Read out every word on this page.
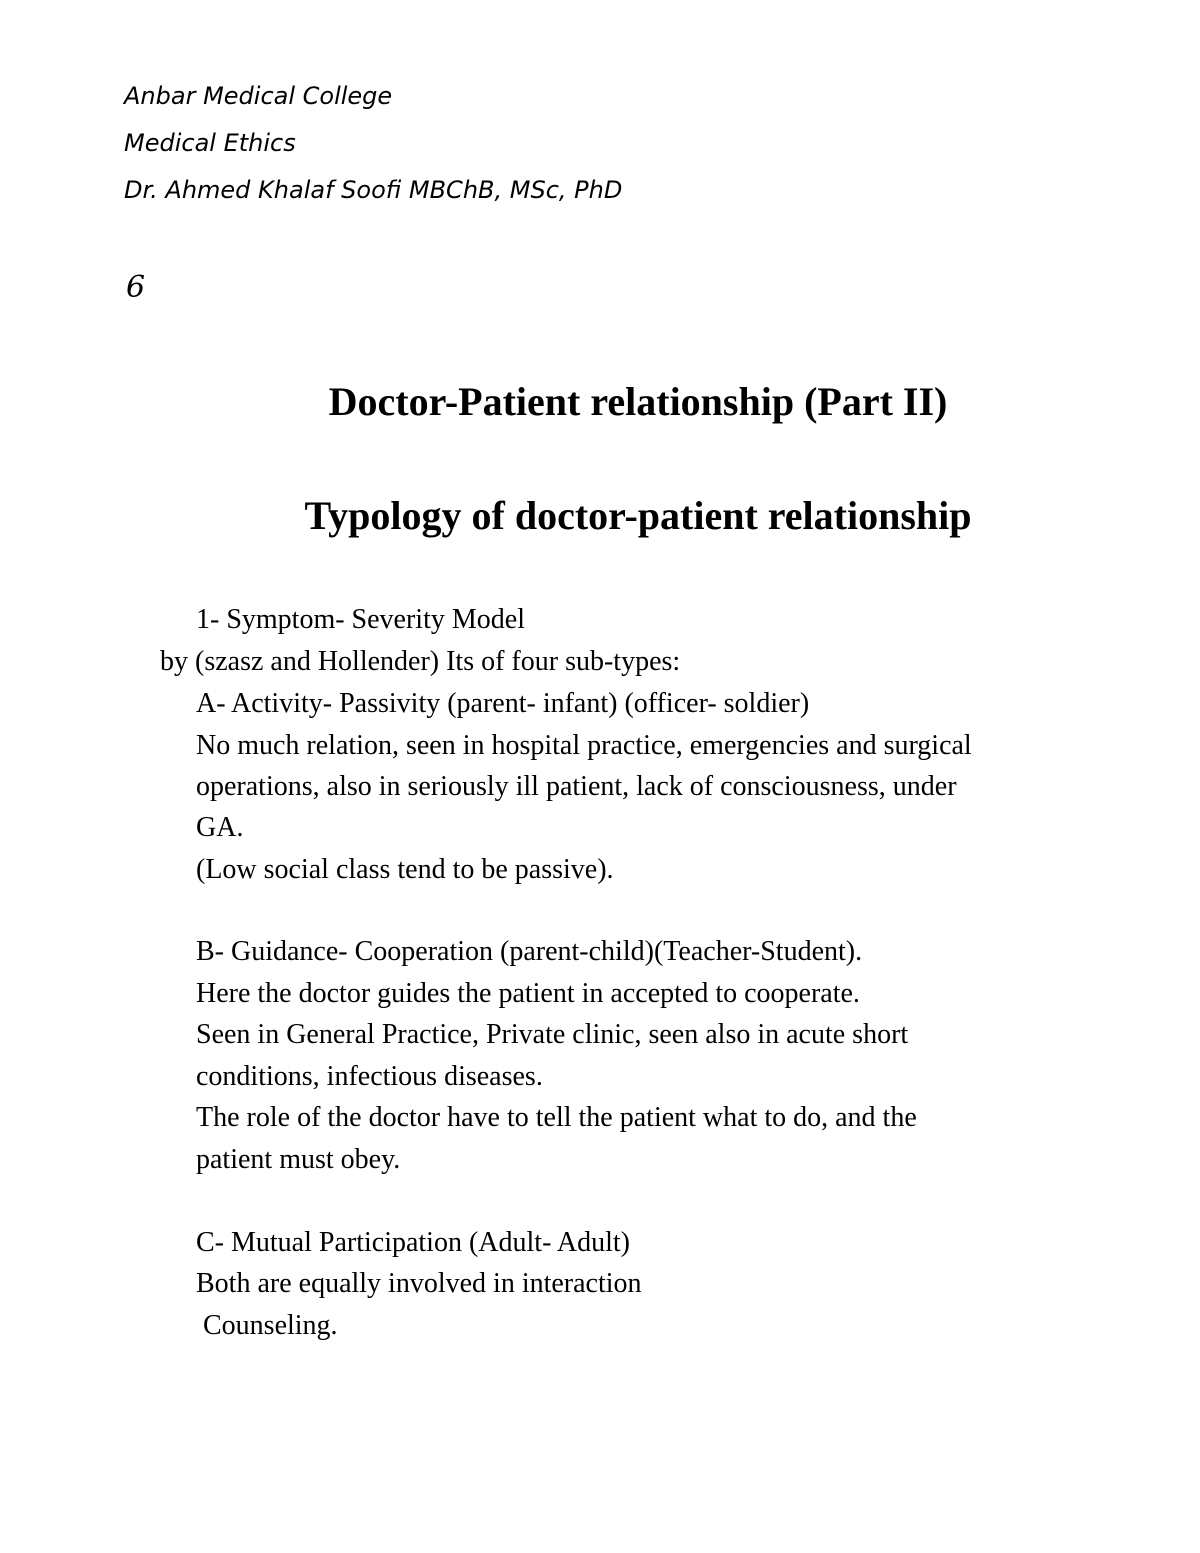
Anbar Medical College
Medical Ethics
Dr. Ahmed Khalaf Soofi MBChB, MSc, PhD
6
Doctor-Patient relationship (Part II)
Typology of doctor-patient relationship
1- Symptom- Severity Model
by (szasz and Hollender) Its of four sub-types:
A- Activity- Passivity (parent- infant) (officer- soldier)
No much relation, seen in hospital practice, emergencies and surgical
operations, also in seriously ill patient, lack of consciousness, under
GA.
(Low social class tend to be passive).
B- Guidance- Cooperation (parent-child)(Teacher-Student).
Here the doctor guides the patient in accepted to cooperate.
Seen in General Practice, Private clinic, seen also in acute short
conditions, infectious diseases.
The role of the doctor have to tell the patient what to do, and the
patient must obey.
C- Mutual Participation (Adult- Adult)
Both are equally involved in interaction
Counseling.
